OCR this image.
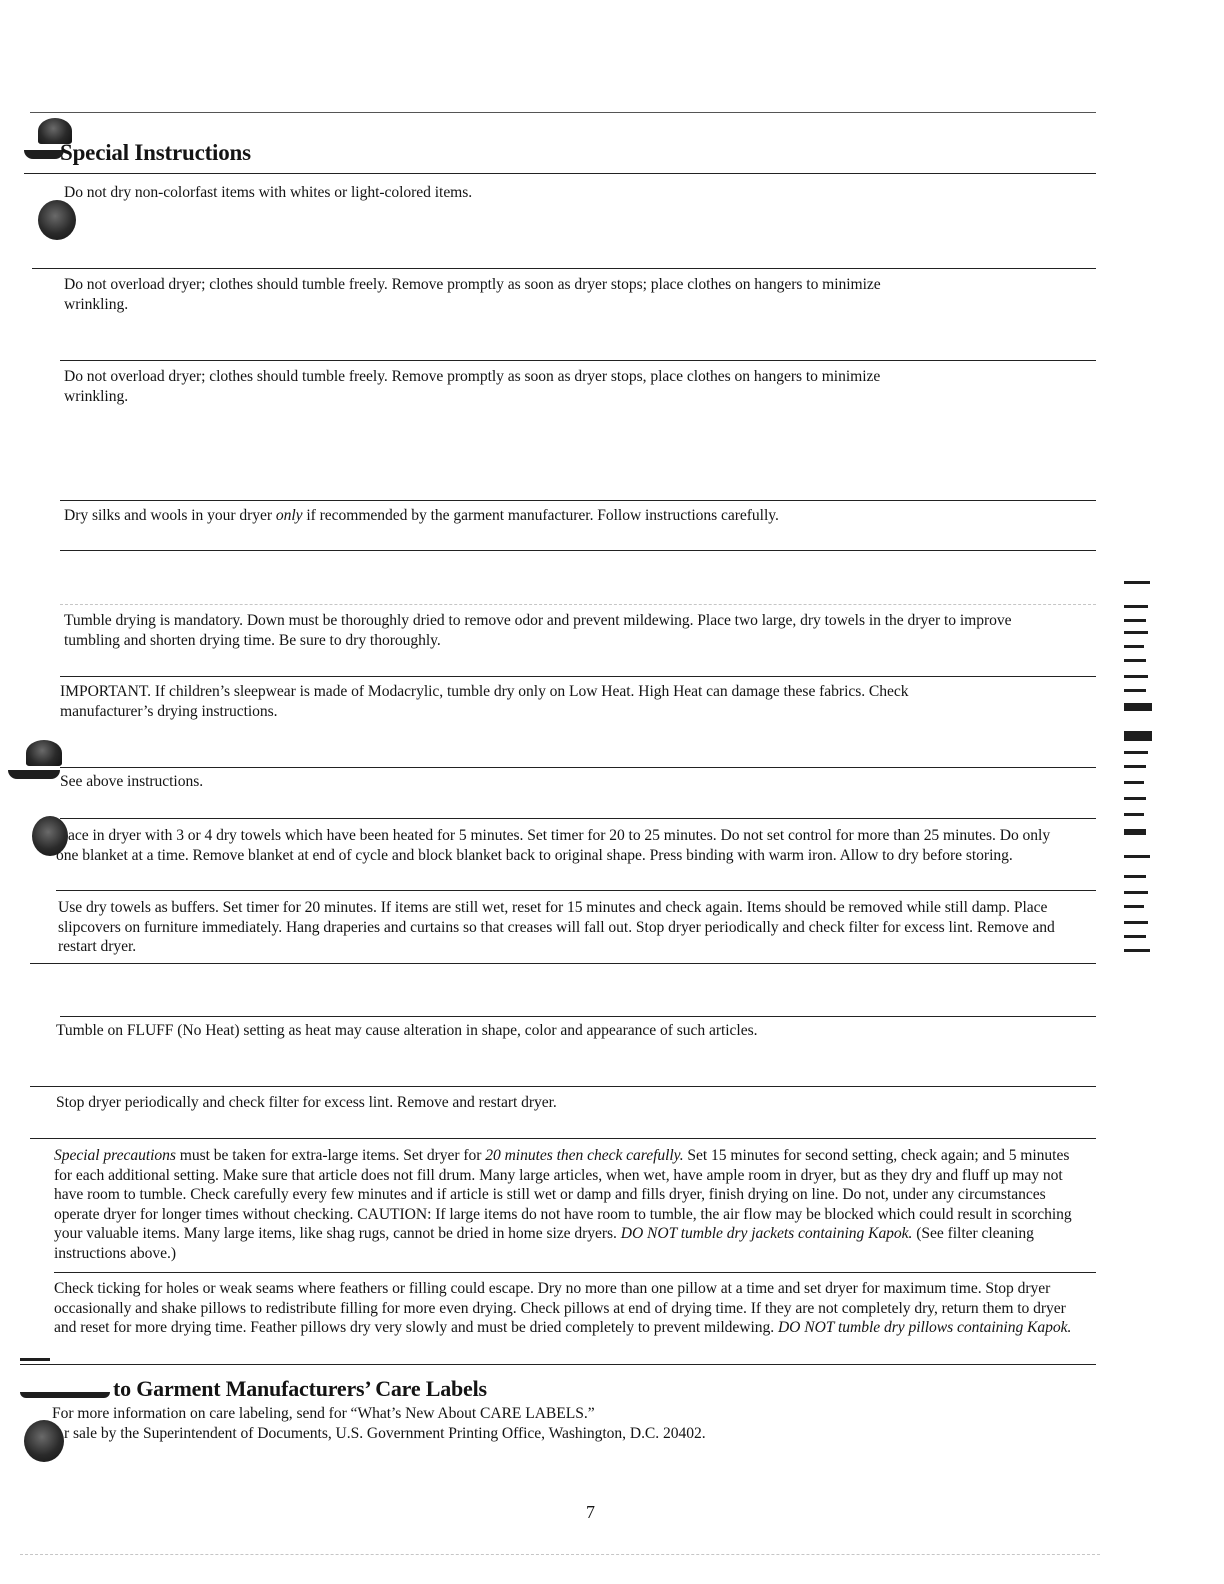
Special Instructions
Do not dry non-colorfast items with whites or light-colored items.
Do not overload dryer; clothes should tumble freely. Remove promptly as soon as dryer stops; place clothes on hangers to minimize wrinkling.
Do not overload dryer; clothes should tumble freely. Remove promptly as soon as dryer stops, place clothes on hangers to minimize wrinkling.
Dry silks and wools in your dryer only if recommended by the garment manufacturer. Follow instructions carefully.
Tumble drying is mandatory. Down must be thoroughly dried to remove odor and prevent mildewing. Place two large, dry towels in the dryer to improve tumbling and shorten drying time. Be sure to dry thoroughly.
IMPORTANT. If children’s sleepwear is made of Modacrylic, tumble dry only on Low Heat. High Heat can damage these fabrics. Check manufacturer’s drying instructions.
See above instructions.
ace in dryer with 3 or 4 dry towels which have been heated for 5 minutes. Set timer for 20 to 25 minutes. Do not set control for more than 25 minutes. Do only one blanket at a time. Remove blanket at end of cycle and block blanket back to original shape. Press binding with warm iron. Allow to dry before storing.
Use dry towels as buffers. Set timer for 20 minutes. If items are still wet, reset for 15 minutes and check again. Items should be removed while still damp. Place slipcovers on furniture immediately. Hang draperies and curtains so that creases will fall out. Stop dryer periodically and check filter for excess lint. Remove and restart dryer.
Tumble on FLUFF (No Heat) setting as heat may cause alteration in shape, color and appearance of such articles.
Stop dryer periodically and check filter for excess lint. Remove and restart dryer.
Special precautions must be taken for extra-large items. Set dryer for 20 minutes then check carefully. Set 15 minutes for second setting, check again; and 5 minutes for each additional setting. Make sure that article does not fill drum. Many large articles, when wet, have ample room in dryer, but as they dry and fluff up may not have room to tumble. Check carefully every few minutes and if article is still wet or damp and fills dryer, finish drying on line. Do not, under any circumstances operate dryer for longer times without checking. CAUTION: If large items do not have room to tumble, the air flow may be blocked which could result in scorching your valuable items. Many large items, like shag rugs, cannot be dried in home size dryers. DO NOT tumble dry jackets containing Kapok. (See filter cleaning instructions above.)
Check ticking for holes or weak seams where feathers or filling could escape. Dry no more than one pillow at a time and set dryer for maximum time. Stop dryer occasionally and shake pillows to redistribute filling for more even drying. Check pillows at end of drying time. If they are not completely dry, return them to dryer and reset for more drying time. Feather pillows dry very slowly and must be dried completely to prevent mildewing. DO NOT tumble dry pillows containing Kapok.
to Garment Manufacturers’ Care Labels
For more information on care labeling, send for “What’s New About CARE LABELS.”
r sale by the Superintendent of Documents, U.S. Government Printing Office, Washington, D.C. 20402.
7
